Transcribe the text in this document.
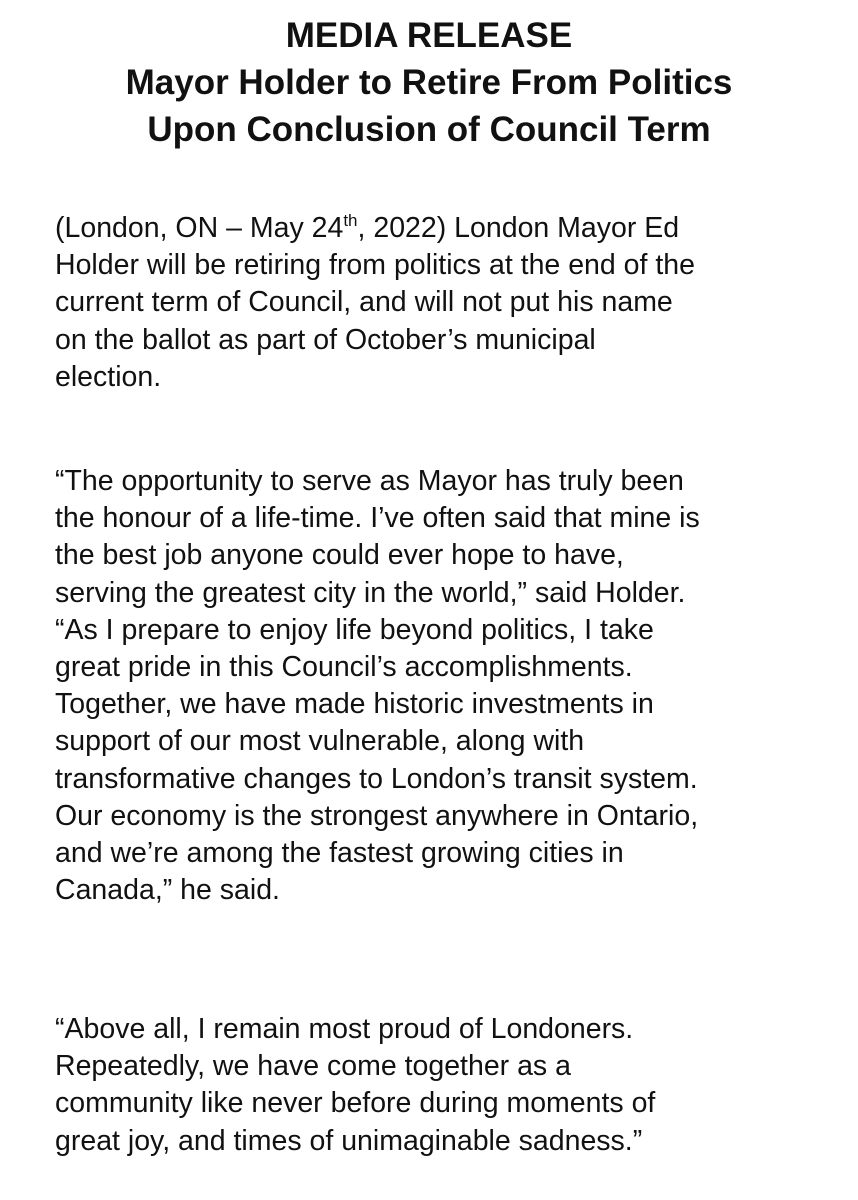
MEDIA RELEASE
Mayor Holder to Retire From Politics
Upon Conclusion of Council Term
(London, ON – May 24th, 2022) London Mayor Ed
Holder will be retiring from politics at the end of the
current term of Council, and will not put his name
on the ballot as part of October’s municipal
election.
“The opportunity to serve as Mayor has truly been
the honour of a life-time. I’ve often said that mine is
the best job anyone could ever hope to have,
serving the greatest city in the world,” said Holder.
“As I prepare to enjoy life beyond politics, I take
great pride in this Council’s accomplishments.
Together, we have made historic investments in
support of our most vulnerable, along with
transformative changes to London’s transit system.
Our economy is the strongest anywhere in Ontario,
and we’re among the fastest growing cities in
Canada,” he said.
“Above all, I remain most proud of Londoners.
Repeatedly, we have come together as a
community like never before during moments of
great joy, and times of unimaginable sadness.”
